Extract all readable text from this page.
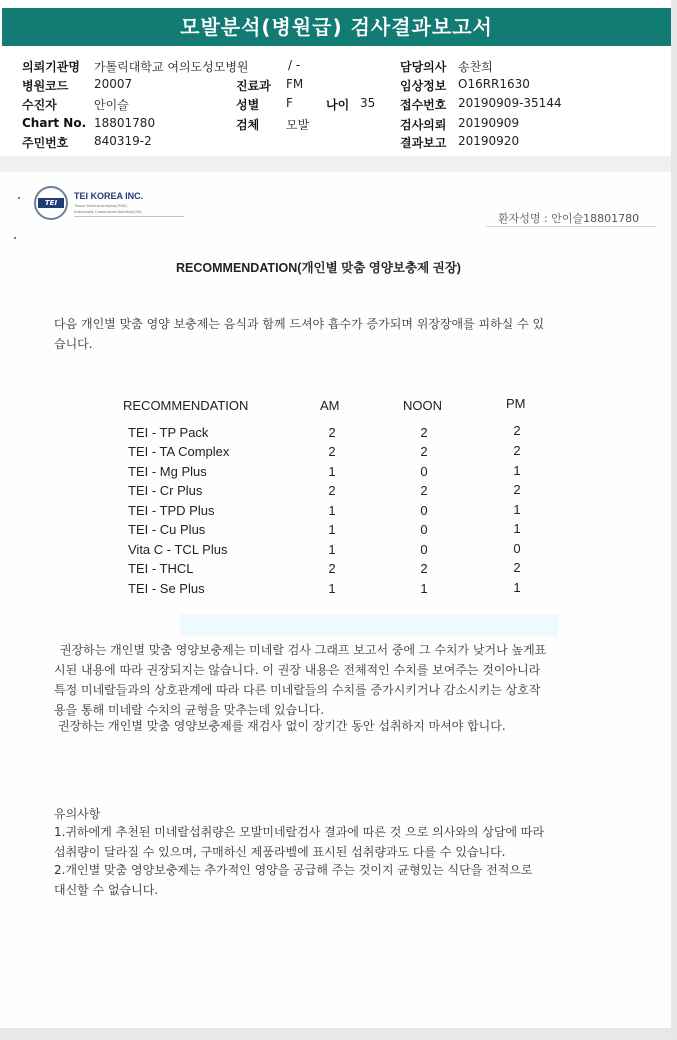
모발분석(병원급) 검사결과보고서
의뢰기관명 가톨릭대학교 여의도성모병원	/ -	담당의사 송찬희
병원코드 20007	진료과 FM	임상정보 O16RR1630
수진자	안이슬	성별 F	나이 35 접수번호 20190909-35144
Chart No. 18801780	검체 모발	검사의뢰 20190909
주민번호 840319-2	결과보고 20190920
TEI
TEI KOREA INC.
Tissue Mineral Analysis(TMA)
Individually Customized Nutrition(ICN)
환자성명 : 안이슬18801780
RECOMMENDATION(개인별 맞춤 영양보충제 권장)
다음 개인별 맞춤 영양 보충제는 음식과 함께 드셔야 흡수가 증가되며 위장장애를 피하실 수 있
습니다.
RECOMMENDATION	AM	NOON	PM
TEI - TP Pack	2	2	2
TEI - TA Complex	2	2	2
TEI - Mg Plus	1	0	1
TEI - Cr Plus	2	2	2
TEI - TPD Plus	1	0	1
TEI - Cu Plus	1	0	1
Vita C - TCL Plus	1	0	0
TEI - THCL	2	2	2
TEI - Se Plus	1	1	1
권장하는 개인별 맞춤 영양보충제는 미네랄 검사 그래프 보고서 중에 그 수치가 낮거나 높게표
시된 내용에 따라 권장되지는 않습니다. 이 권장 내용은 전체적인 수치를 보여주는 것이아니라
특정 미네랄들과의 상호관계에 따라 다른 미네랄들의 수치를 증가시키거나 감소시키는 상호작
용을 통해 미네랄 수치의 균형을 맞추는데 있습니다.
권장하는 개인별 맞춤 영양보충제를 재검사 없이 장기간 동안 섭취하지 마셔야 합니다.
유의사항
1.귀하에게 추천된 미네랄섭취량은 모발미네랄검사 결과에 따른 것 으로 의사와의 상담에 따라
섭취량이 달라질 수 있으며, 구매하신 제품라벨에 표시된 섭취량과도 다를 수 있습니다.
2.개인별 맞춤 영양보충제는 추가적인 영양을 공급해 주는 것이지 균형있는 식단을 전적으로
대신할 수 없습니다.
